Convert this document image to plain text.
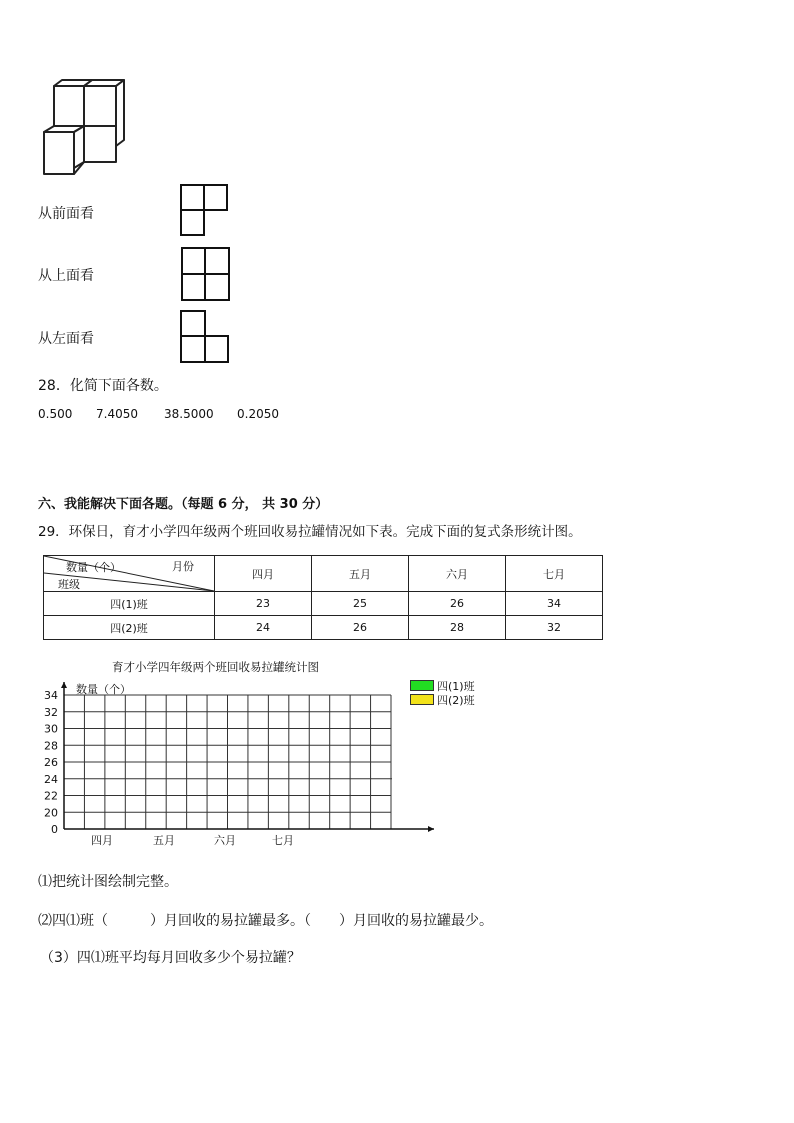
从前面看
从上面看
从左面看
28．化简下面各数。
0.500 7.4050 38.5000 0.2050
六、我能解决下面各题。（每题 6 分， 共 30 分）
29．环保日，育才小学四年级两个班回收易拉罐情况如下表。完成下面的复式条形统计图。
数量（个） 月份
班级	四月	五月	六月	七月
四(1)班	23	25	26	34
四(2)班	24	26	28	32
育才小学四年级两个班回收易拉罐统计图
数量（个）	四(1)班
四(2)班
34
32
30
28
26
24
22
20
0
四月	五月	六月	七月
⑴把统计图绘制完整。
⑵四⑴班（　　　）月回收的易拉罐最多。（　　）月回收的易拉罐最少。
（3）四⑴班平均每月回收多少个易拉罐？
